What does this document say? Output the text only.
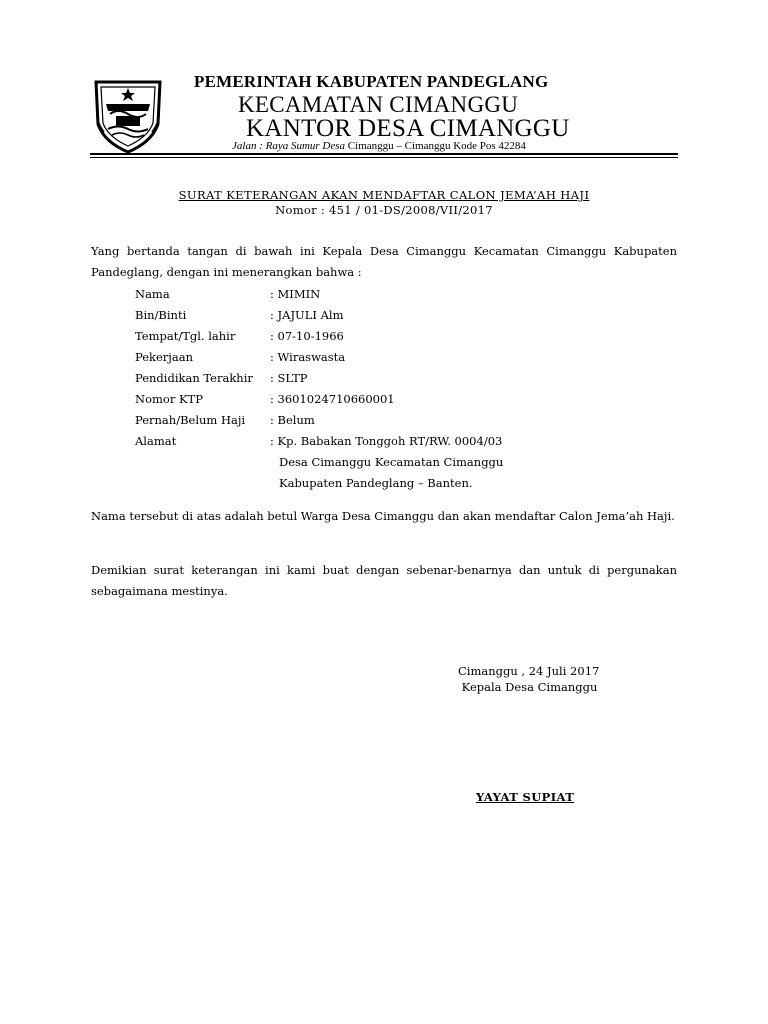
PEMERINTAH KABUPATEN PANDEGLANG
KECAMATAN CIMANGGU
KANTOR DESA CIMANGGU
Jalan : Raya Sumur Desa Cimanggu – Cimanggu Kode Pos 42284
SURAT KETERANGAN AKAN MENDAFTAR CALON JEMA’AH HAJI
Nomor : 451 / 01-DS/2008/VII/2017
Yang bertanda tangan di bawah ini Kepala Desa Cimanggu Kecamatan Cimanggu Kabupaten Pandeglang, dengan ini menerangkan bahwa :
Nama	: MIMIN
Bin/Binti	: JAJULI Alm
Tempat/Tgl. lahir	: 07-10-1966
Pekerjaan	: Wiraswasta
Pendidikan Terakhir : SLTP
Nomor KTP	: 3601024710660001
Pernah/Belum Haji : Belum
Alamat	: Kp. Babakan Tonggoh RT/RW. 0004/03
Desa Cimanggu Kecamatan Cimanggu
Kabupaten Pandeglang – Banten.
Nama tersebut di atas adalah betul Warga Desa Cimanggu dan akan mendaftar Calon Jema’ah Haji.
Demikian surat keterangan ini kami buat dengan sebenar-benarnya dan untuk di pergunakan sebagaimana mestinya.
Cimanggu , 24 Juli 2017
Kepala Desa Cimanggu
YAYAT SUPIAT
